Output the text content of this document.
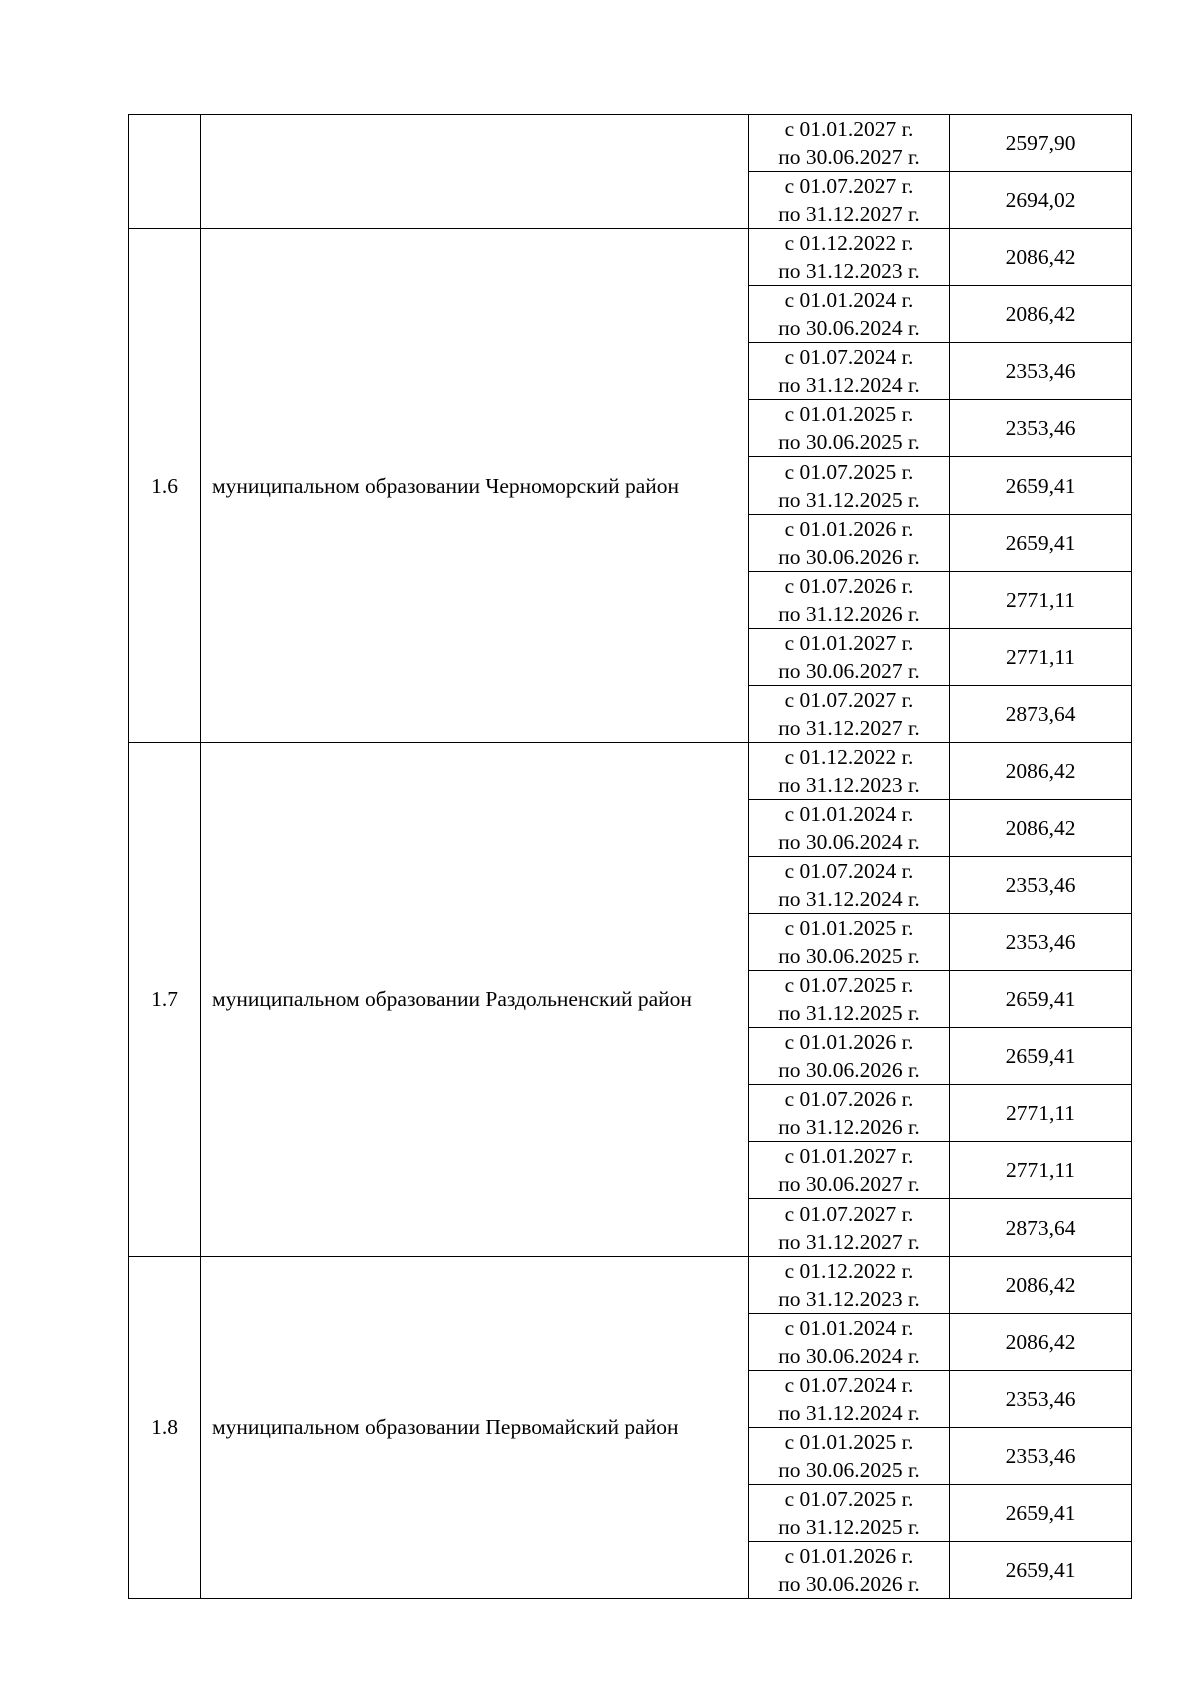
		с 01.01.2027 г.
по 30.06.2027 г.	2597,90

		с 01.07.2027 г.
по 31.12.2027 г.	2694,02
1.6	муниципальном образовании Черноморский район	с 01.12.2022 г.
по 31.12.2023 г.	2086,42

		с 01.01.2024 г.
по 30.06.2024 г.	2086,42

		с 01.07.2024 г.
по 31.12.2024 г.	2353,46

		с 01.01.2025 г.
по 30.06.2025 г.	2353,46

		с 01.07.2025 г.
по 31.12.2025 г.	2659,41

		с 01.01.2026 г.
по 30.06.2026 г.	2659,41

		с 01.07.2026 г.
по 31.12.2026 г.	2771,11

		с 01.01.2027 г.
по 30.06.2027 г.	2771,11

		с 01.07.2027 г.
по 31.12.2027 г.	2873,64
1.7	муниципальном образовании Раздольненский район	с 01.12.2022 г.
по 31.12.2023 г.	2086,42

		с 01.01.2024 г.
по 30.06.2024 г.	2086,42

		с 01.07.2024 г.
по 31.12.2024 г.	2353,46

		с 01.01.2025 г.
по 30.06.2025 г.	2353,46

		с 01.07.2025 г.
по 31.12.2025 г.	2659,41

		с 01.01.2026 г.
по 30.06.2026 г.	2659,41

		с 01.07.2026 г.
по 31.12.2026 г.	2771,11

		с 01.01.2027 г.
по 30.06.2027 г.	2771,11

		с 01.07.2027 г.
по 31.12.2027 г.	2873,64
1.8	муниципальном образовании Первомайский район	с 01.12.2022 г.
по 31.12.2023 г.	2086,42

		с 01.01.2024 г.
по 30.06.2024 г.	2086,42

		с 01.07.2024 г.
по 31.12.2024 г.	2353,46

		с 01.01.2025 г.
по 30.06.2025 г.	2353,46

		с 01.07.2025 г.
по 31.12.2025 г.	2659,41

		с 01.01.2026 г.
по 30.06.2026 г.	2659,41
